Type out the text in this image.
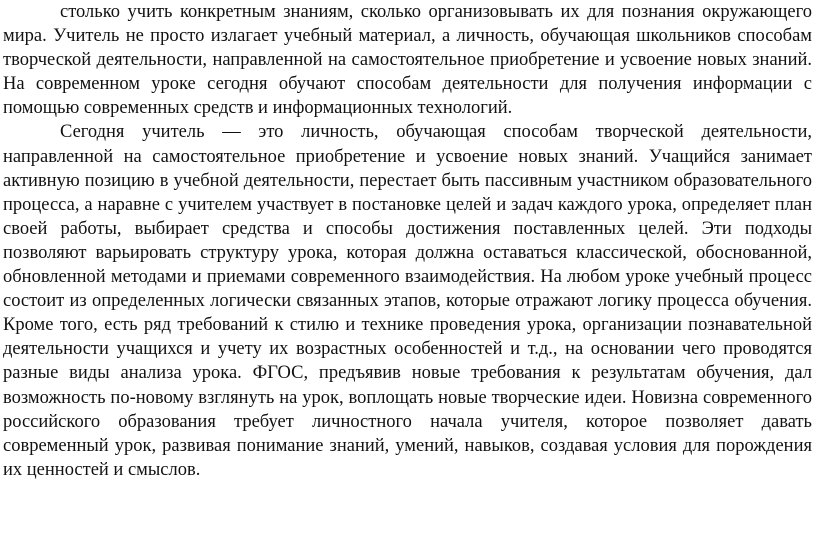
столько учить конкретным знаниям, сколько организовывать их для познания окружающего мира. Учитель не просто излагает учебный материал, а личность, обучающая школьников способам творческой деятельности, направленной на самостоятельное приобретение и усвоение новых знаний. На современном уроке сегодня обучают способам деятельности для получения информации с помощью современных средств и информационных технологий.

Сегодня учитель — это личность, обучающая способам творческой деятельности, направленной на самостоятельное приобретение и усвоение новых знаний. Учащийся занимает активную позицию в учебной деятельности, перестает быть пассивным участником образовательного процесса, а наравне с учителем участвует в постановке целей и задач каждого урока, определяет план своей работы, выбирает средства и способы достижения поставленных целей. Эти подходы позволяют варьировать структуру урока, которая должна оставаться классической, обоснованной, обновленной методами и приемами современного взаимодействия. На любом уроке учебный процесс состоит из определенных логически связанных этапов, которые отражают логику процесса обучения. Кроме того, есть ряд требований к стилю и технике проведения урока, организации познавательной деятельности учащихся и учету их возрастных особенностей и т.д., на основании чего проводятся разные виды анализа урока. ФГОС, предъявив новые требования к результатам обучения, дал возможность по-новому взглянуть на урок, воплощать новые творческие идеи. Новизна современного российского образования требует личностного начала учителя, которое позволяет давать современный урок, развивая понимание знаний, умений, навыков, создавая условия для порождения их ценностей и смыслов.
